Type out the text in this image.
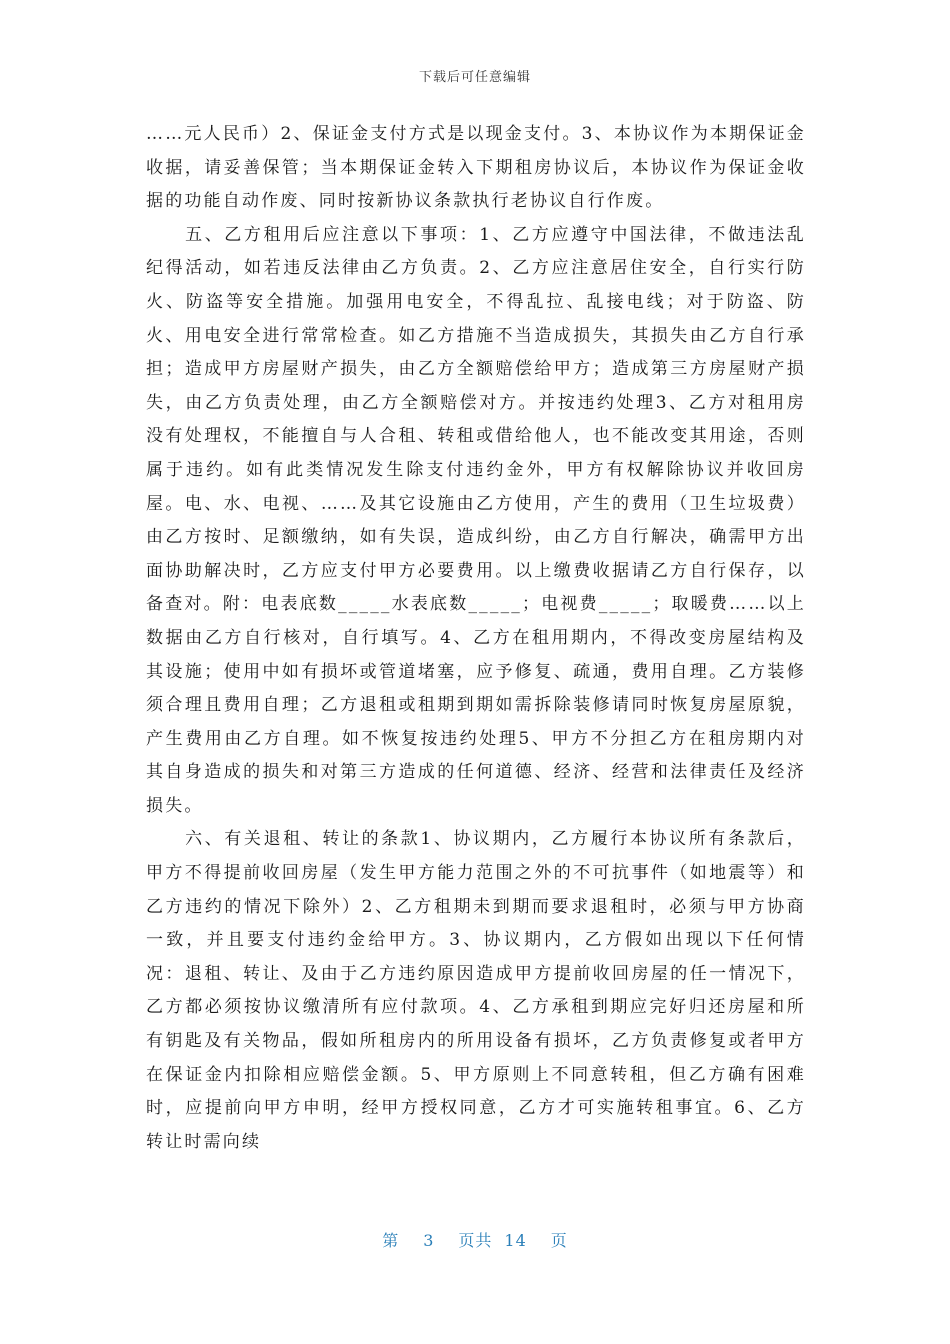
下载后可任意编辑

……元人民币）2、保证金支付方式是以现金支付。3、本协议作为本期保证金收据，请妥善保管；当本期保证金转入下期租房协议后，本协议作为保证金收据的功能自动作废、同时按新协议条款执行老协议自行作废。

五、乙方租用后应注意以下事项：1、乙方应遵守中国法律，不做违法乱纪得活动，如若违反法律由乙方负责。2、乙方应注意居住安全，自行实行防火、防盗等安全措施。加强用电安全，不得乱拉、乱接电线；对于防盗、防火、用电安全进行常常检查。如乙方措施不当造成损失，其损失由乙方自行承担；造成甲方房屋财产损失，由乙方全额赔偿给甲方；造成第三方房屋财产损失，由乙方负责处理，由乙方全额赔偿对方。并按违约处理3、乙方对租用房没有处理权，不能擅自与人合租、转租或借给他人，也不能改变其用途，否则属于违约。如有此类情况发生除支付违约金外，甲方有权解除协议并收回房屋。电、水、电视、……及其它设施由乙方使用，产生的费用（卫生垃圾费）由乙方按时、足额缴纳，如有失误，造成纠纷，由乙方自行解决，确需甲方出面协助解决时，乙方应支付甲方必要费用。以上缴费收据请乙方自行保存，以备查对。附：电表底数_____水表底数_____；电视费_____；取暖费……以上数据由乙方自行核对，自行填写。4、乙方在租用期内，不得改变房屋结构及其设施；使用中如有损坏或管道堵塞，应予修复、疏通，费用自理。乙方装修须合理且费用自理；乙方退租或租期到期如需拆除装修请同时恢复房屋原貌，产生费用由乙方自理。如不恢复按违约处理5、甲方不分担乙方在租房期内对其自身造成的损失和对第三方造成的任何道德、经济、经营和法律责任及经济损失。

六、有关退租、转让的条款1、协议期内，乙方履行本协议所有条款后，甲方不得提前收回房屋（发生甲方能力范围之外的不可抗事件（如地震等）和乙方违约的情况下除外）2、乙方租期未到期而要求退租时，必须与甲方协商一致，并且要支付违约金给甲方。3、协议期内，乙方假如出现以下任何情况：退租、转让、及由于乙方违约原因造成甲方提前收回房屋的任一情况下，乙方都必须按协议缴清所有应付款项。4、乙方承租到期应完好归还房屋和所有钥匙及有关物品，假如所租房内的所用设备有损坏，乙方负责修复或者甲方在保证金内扣除相应赔偿金额。5、甲方原则上不同意转租，但乙方确有困难时，应提前向甲方申明，经甲方授权同意，乙方才可实施转租事宜。6、乙方转让时需向续

第 3 页共 14 页
